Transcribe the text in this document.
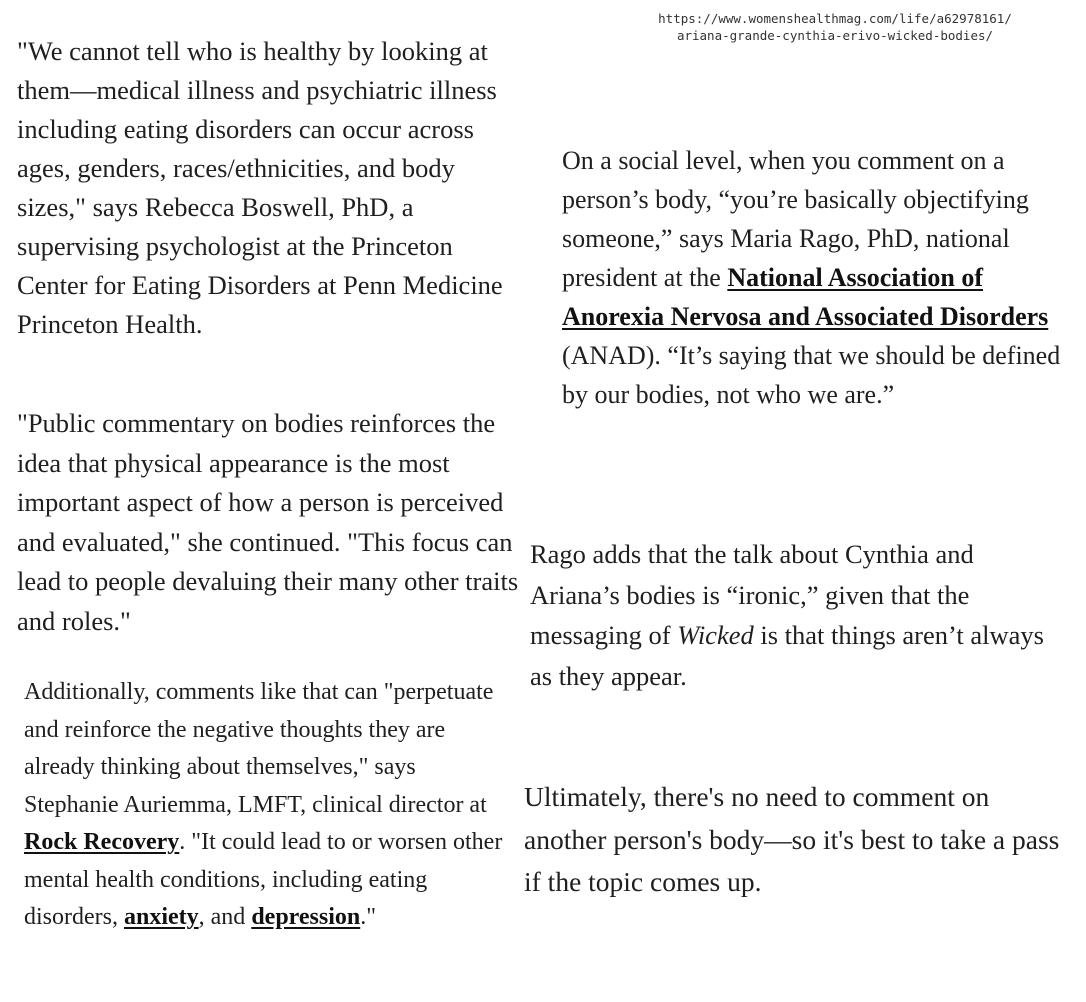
https://www.womenshealthmag.com/life/a62978161/
ariana-grande-cynthia-erivo-wicked-bodies/

"We cannot tell who is healthy by looking at them—medical illness and psychiatric illness including eating disorders can occur across ages, genders, races/ethnicities, and body sizes," says Rebecca Boswell, PhD, a supervising psychologist at the Princeton Center for Eating Disorders at Penn Medicine Princeton Health.

"Public commentary on bodies reinforces the idea that physical appearance is the most important aspect of how a person is perceived and evaluated," she continued. "This focus can lead to people devaluing their many other traits and roles."

Additionally, comments like that can "perpetuate and reinforce the negative thoughts they are already thinking about themselves," says Stephanie Auriemma, LMFT, clinical director at Rock Recovery. "It could lead to or worsen other mental health conditions, including eating disorders, anxiety, and depression."

On a social level, when you comment on a person’s body, “you’re basically objectifying someone,” says Maria Rago, PhD, national president at the National Association of Anorexia Nervosa and Associated Disorders (ANAD). “It’s saying that we should be defined by our bodies, not who we are.”

Rago adds that the talk about Cynthia and Ariana’s bodies is “ironic,” given that the messaging of Wicked is that things aren’t always as they appear.

Ultimately, there's no need to comment on another person's body—so it's best to take a pass if the topic comes up.
